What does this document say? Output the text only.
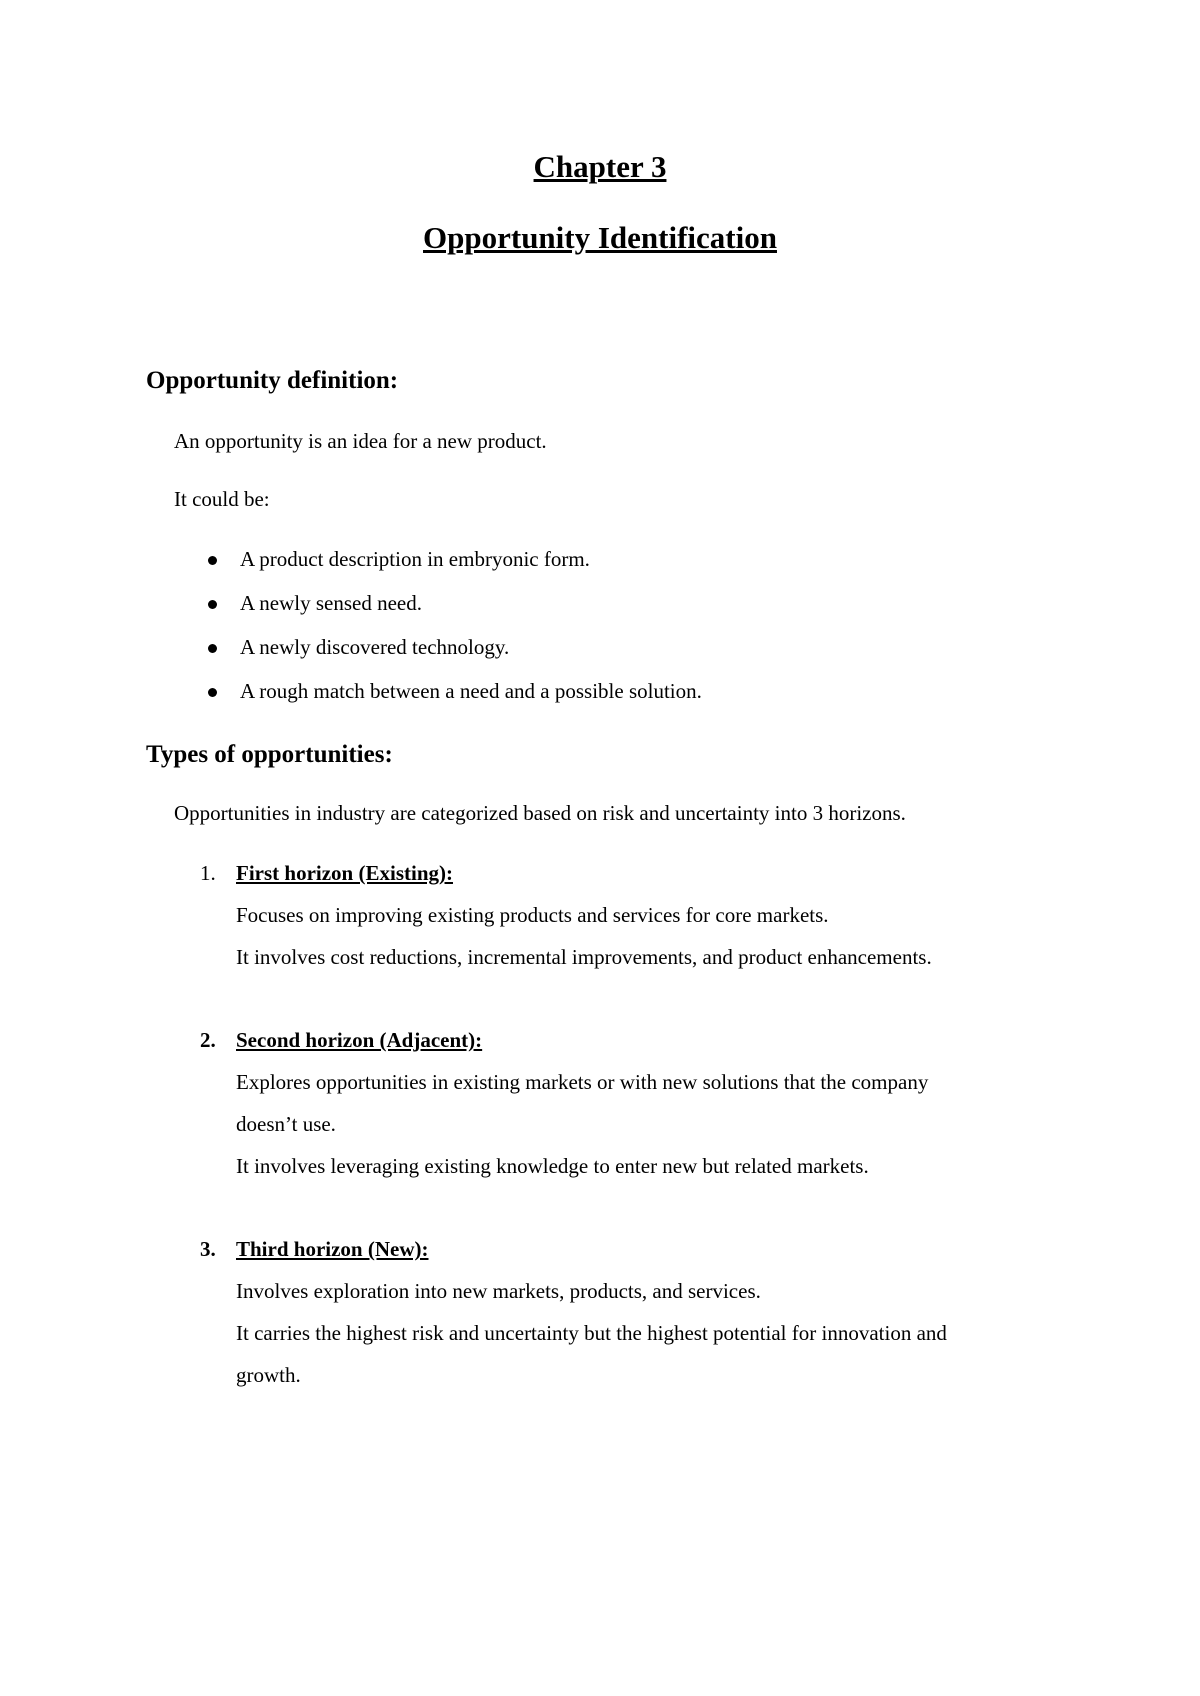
Chapter 3
Opportunity Identification
Opportunity definition:
An opportunity is an idea for a new product.
It could be:
A product description in embryonic form.
A newly sensed need.
A newly discovered technology.
A rough match between a need and a possible solution.
Types of opportunities:
Opportunities in industry are categorized based on risk and uncertainty into 3 horizons.
1. First horizon (Existing):
Focuses on improving existing products and services for core markets.
It involves cost reductions, incremental improvements, and product enhancements.
2. Second horizon (Adjacent):
Explores opportunities in existing markets or with new solutions that the company
doesn’t use.
It involves leveraging existing knowledge to enter new but related markets.
3. Third horizon (New):
Involves exploration into new markets, products, and services.
It carries the highest risk and uncertainty but the highest potential for innovation and
growth.
